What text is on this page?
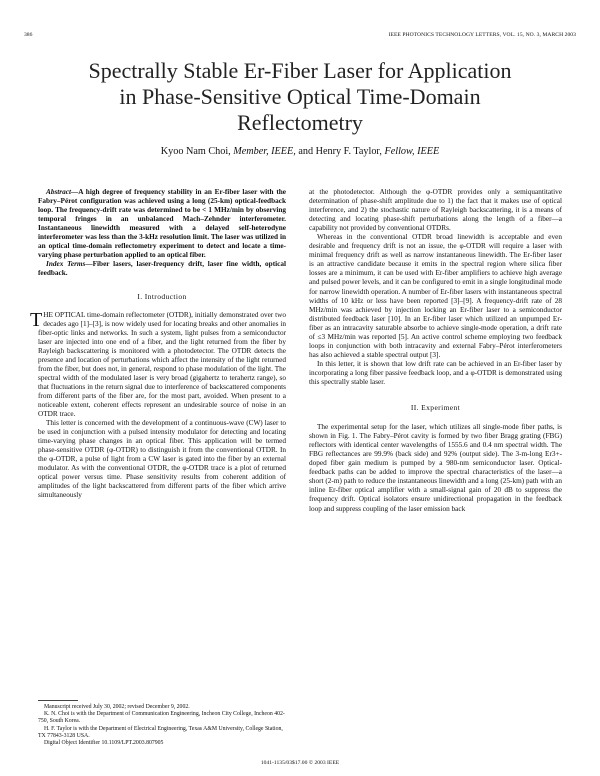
386	IEEE PHOTONICS TECHNOLOGY LETTERS, VOL. 15, NO. 3, MARCH 2003
Spectrally Stable Er-Fiber Laser for Application
in Phase-Sensitive Optical Time-Domain
Reflectometry
Kyoo Nam Choi, Member, IEEE, and Henry F. Taylor, Fellow, IEEE

Abstract—A high degree of frequency stability in an Er-fiber laser with the Fabry–Pérot configuration was achieved using a long (25-km) optical-feedback loop. The frequency-drift rate was determined to be < 1 MHz/min by observing temporal fringes in an unbalanced Mach–Zehnder interferometer. Instantaneous linewidth measured with a delayed self-heterodyne interferometer was less than the 3-kHz resolution limit. The laser was utilized in an optical time-domain reflectometry experiment to detect and locate a time-varying phase perturbation applied to an optical fiber.

Index Terms—Fiber lasers, laser-frequency drift, laser fine width, optical feedback.

I. Introduction

THE OPTICAL time-domain reflectometer (OTDR), initially demonstrated over two decades ago [1]–[3], is now widely used for locating breaks and other anomalies in fiber-optic links and networks. In such a system, light pulses from a semiconductor laser are injected into one end of a fiber, and the light returned from the fiber by Rayleigh backscattering is monitored with a photodetector. The OTDR detects the presence and location of perturbations which affect the intensity of the light returned from the fiber, but does not, in general, respond to phase modulation of the light. The spectral width of the modulated laser is very broad (gigahertz to terahertz range), so that fluctuations in the return signal due to interference of backscattered components from different parts of the fiber are, for the most part, avoided. When present to a noticeable extent, coherent effects represent an undesirable source of noise in an OTDR trace.

This letter is concerned with the development of a continuous-wave (CW) laser to be used in conjunction with a pulsed intensity modulator for detecting and locating time-varying phase changes in an optical fiber. This application will be termed phase-sensitive OTDR (φ-OTDR) to distinguish it from the conventional OTDR. In the φ-OTDR, a pulse of light from a CW laser is gated into the fiber by an external modulator. As with the conventional OTDR, the φ-OTDR trace is a plot of returned optical power versus time. Phase sensitivity results from coherent addition of amplitudes of the light backscattered from different parts of the fiber which arrive simultaneously

at the photodetector. Although the φ-OTDR provides only a semiquantitative determination of phase-shift amplitude due to 1) the fact that it makes use of optical interference, and 2) the stochastic nature of Rayleigh backscattering, it is a means of detecting and locating phase-shift perturbations along the length of a fiber—a capability not provided by conventional OTDRs.

Whereas in the conventional OTDR broad linewidth is acceptable and even desirable and frequency drift is not an issue, the φ-OTDR will require a laser with minimal frequency drift as well as narrow instantaneous linewidth. The Er-fiber laser is an attractive candidate because it emits in the spectral region where silica fiber losses are a minimum, it can be used with Er-fiber amplifiers to achieve high average and pulsed power levels, and it can be configured to emit in a single longitudinal mode for narrow linewidth operation. A number of Er-fiber lasers with instantaneous spectral widths of 10 kHz or less have been reported [3]–[9]. A frequency-drift rate of 28 MHz/min was achieved by injection locking an Er-fiber laser to a semiconductor distributed feedback laser [10]. In an Er-fiber laser which utilized an unpumped Er-fiber as an intracavity saturable absorbe to achieve single-mode operation, a drift rate of ≤3 MHz/min was reported [5]. An active control scheme employing two feedback loops in conjunction with both intracavity and external Fabry–Pérot interferometers has also achieved a stable spectral output [3].

In this letter, it is shown that low drift rate can be achieved in an Er-fiber laser by incorporating a long fiber passive feedback loop, and a φ-OTDR is demonstrated using this spectrally stable laser.

II. Experiment

The experimental setup for the laser, which utilizes all single-mode fiber paths, is shown in Fig. 1. The Fabry–Pérot cavity is formed by two fiber Bragg grating (FBG) reflectors with identical center wavelengths of 1555.6 and 0.4 nm spectral width. The FBG reflectances are 99.9% (back side) and 92% (output side). The 3-m-long Er3+-doped fiber gain medium is pumped by a 980-nm semiconductor laser. Optical-feedback paths can be added to improve the spectral characteristics of the laser—a short (2-m) path to reduce the instantaneous linewidth and a long (25-km) path with an inline Er-fiber optical amplifier with a small-signal gain of 20 dB to suppress the frequency drift. Optical isolators ensure unidirectional propagation in the feedback loop and suppress coupling of the laser emission back

Manuscript received July 30, 2002; revised December 9, 2002.

K. N. Choi is with the Department of Communication Engineering, Incheon City College, Incheon 402-750, South Korea.

H. F. Taylor is with the Department of Electrical Engineering, Texas A&M University, College Station, TX 77843-3128 USA.

Digital Object Identifier 10.1109/LPT.2003.807905

1041-1135/03$17.00 © 2003 IEEE
